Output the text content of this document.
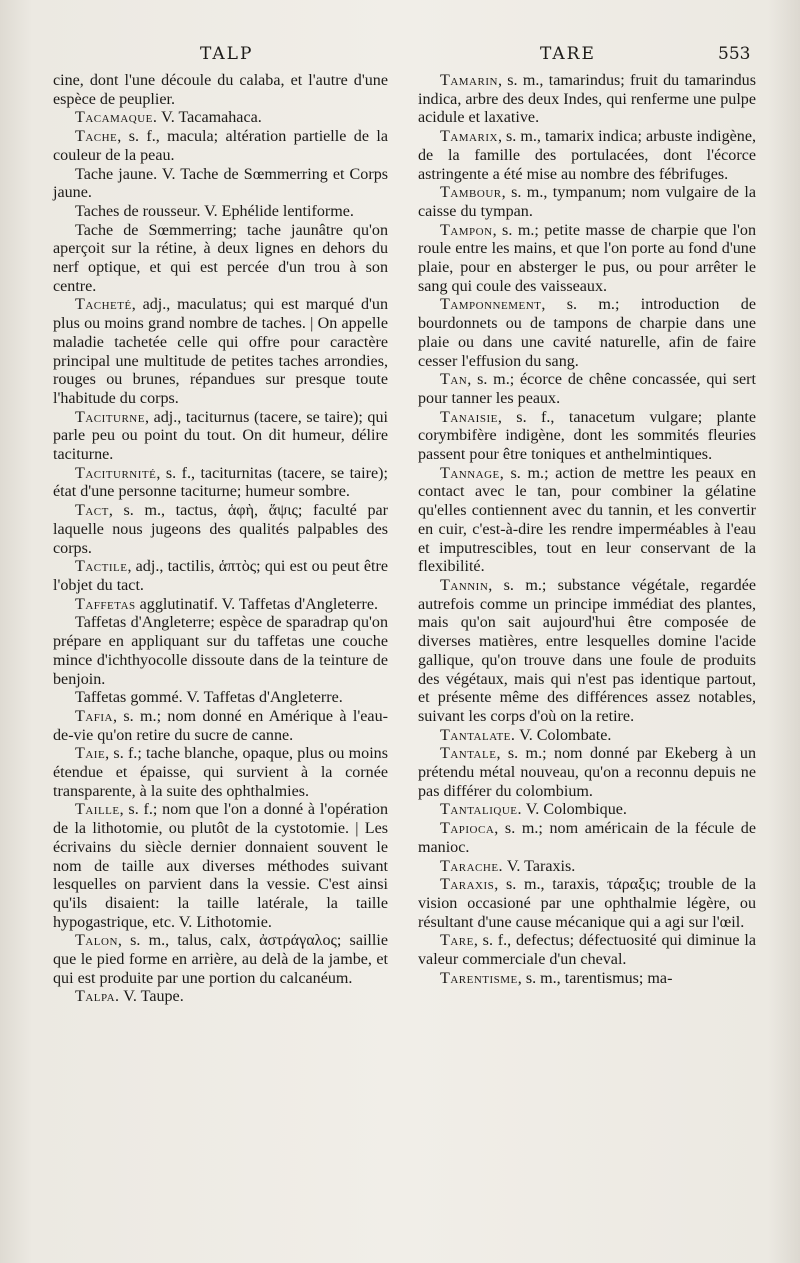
TALP	TARE	553

cine, dont l'une découle du calaba, et l'autre d'une espèce de peuplier.

Tacamaque. V. Tacamahaca.

Tache, s. f., macula; altération partielle de la couleur de la peau.

Tache jaune. V. Tache de Sœmmerring et Corps jaune.

Taches de rousseur. V. Ephélide lentiforme.

Tache de Sœmmerring; tache jaunâtre qu'on aperçoit sur la rétine, à deux lignes en dehors du nerf optique, et qui est percée d'un trou à son centre.

Tacheté, adj., maculatus; qui est marqué d'un plus ou moins grand nombre de taches. | On appelle maladie tachetée celle qui offre pour caractère principal une multitude de petites taches arrondies, rouges ou brunes, répandues sur presque toute l'habitude du corps.

Taciturne, adj., taciturnus (tacere, se taire); qui parle peu ou point du tout. On dit humeur, délire taciturne.

Taciturnité, s. f., taciturnitas (tacere, se taire); état d'une personne taciturne; humeur sombre.

Tact, s. m., tactus, ἁφὴ, ἅψις; faculté par laquelle nous jugeons des qualités palpables des corps.

Tactile, adj., tactilis, ἁπτὸς; qui est ou peut être l'objet du tact.

Taffetas agglutinatif. V. Taffetas d'Angleterre.

Taffetas d'Angleterre; espèce de sparadrap qu'on prépare en appliquant sur du taffetas une couche mince d'ichthyocolle dissoute dans de la teinture de benjoin.

Taffetas gommé. V. Taffetas d'Angleterre.

Tafia, s. m.; nom donné en Amérique à l'eau-de-vie qu'on retire du sucre de canne.

Taie, s. f.; tache blanche, opaque, plus ou moins étendue et épaisse, qui survient à la cornée transparente, à la suite des ophthalmies.

Taille, s. f.; nom que l'on a donné à l'opération de la lithotomie, ou plutôt de la cystotomie. | Les écrivains du siècle dernier donnaient souvent le nom de taille aux diverses méthodes suivant lesquelles on parvient dans la vessie. C'est ainsi qu'ils disaient: la taille latérale, la taille hypogastrique, etc. V. Lithotomie.

Talon, s. m., talus, calx, ἀστράγαλος; saillie que le pied forme en arrière, au delà de la jambe, et qui est produite par une portion du calcanéum.

Talpa. V. Taupe.

Tamarin, s. m., tamarindus; fruit du tamarindus indica, arbre des deux Indes, qui renferme une pulpe acidule et laxative.

Tamarix, s. m., tamarix indica; arbuste indigène, de la famille des portulacées, dont l'écorce astringente a été mise au nombre des fébrifuges.

Tambour, s. m., tympanum; nom vulgaire de la caisse du tympan.

Tampon, s. m.; petite masse de charpie que l'on roule entre les mains, et que l'on porte au fond d'une plaie, pour en absterger le pus, ou pour arrêter le sang qui coule des vaisseaux.

Tamponnement, s. m.; introduction de bourdonnets ou de tampons de charpie dans une plaie ou dans une cavité naturelle, afin de faire cesser l'effusion du sang.

Tan, s. m.; écorce de chêne concassée, qui sert pour tanner les peaux.

Tanaisie, s. f., tanacetum vulgare; plante corymbifère indigène, dont les sommités fleuries passent pour être toniques et anthelmintiques.

Tannage, s. m.; action de mettre les peaux en contact avec le tan, pour combiner la gélatine qu'elles contiennent avec du tannin, et les convertir en cuir, c'est-à-dire les rendre imperméables à l'eau et imputrescibles, tout en leur conservant de la flexibilité.

Tannin, s. m.; substance végétale, regardée autrefois comme un principe immédiat des plantes, mais qu'on sait aujourd'hui être composée de diverses matières, entre lesquelles domine l'acide gallique, qu'on trouve dans une foule de produits des végétaux, mais qui n'est pas identique partout, et présente même des différences assez notables, suivant les corps d'où on la retire.

Tantalate. V. Colombate.

Tantale, s. m.; nom donné par Ekeberg à un prétendu métal nouveau, qu'on a reconnu depuis ne pas différer du colombium.

Tantalique. V. Colombique.

Tapioca, s. m.; nom américain de la fécule de manioc.

Tarache. V. Taraxis.

Taraxis, s. m., taraxis, τάραξις; trouble de la vision occasioné par une ophthalmie légère, ou résultant d'une cause mécanique qui a agi sur l'œil.

Tare, s. f., defectus; défectuosité qui diminue la valeur commerciale d'un cheval.

Tarentisme, s. m., tarentismus; ma-
